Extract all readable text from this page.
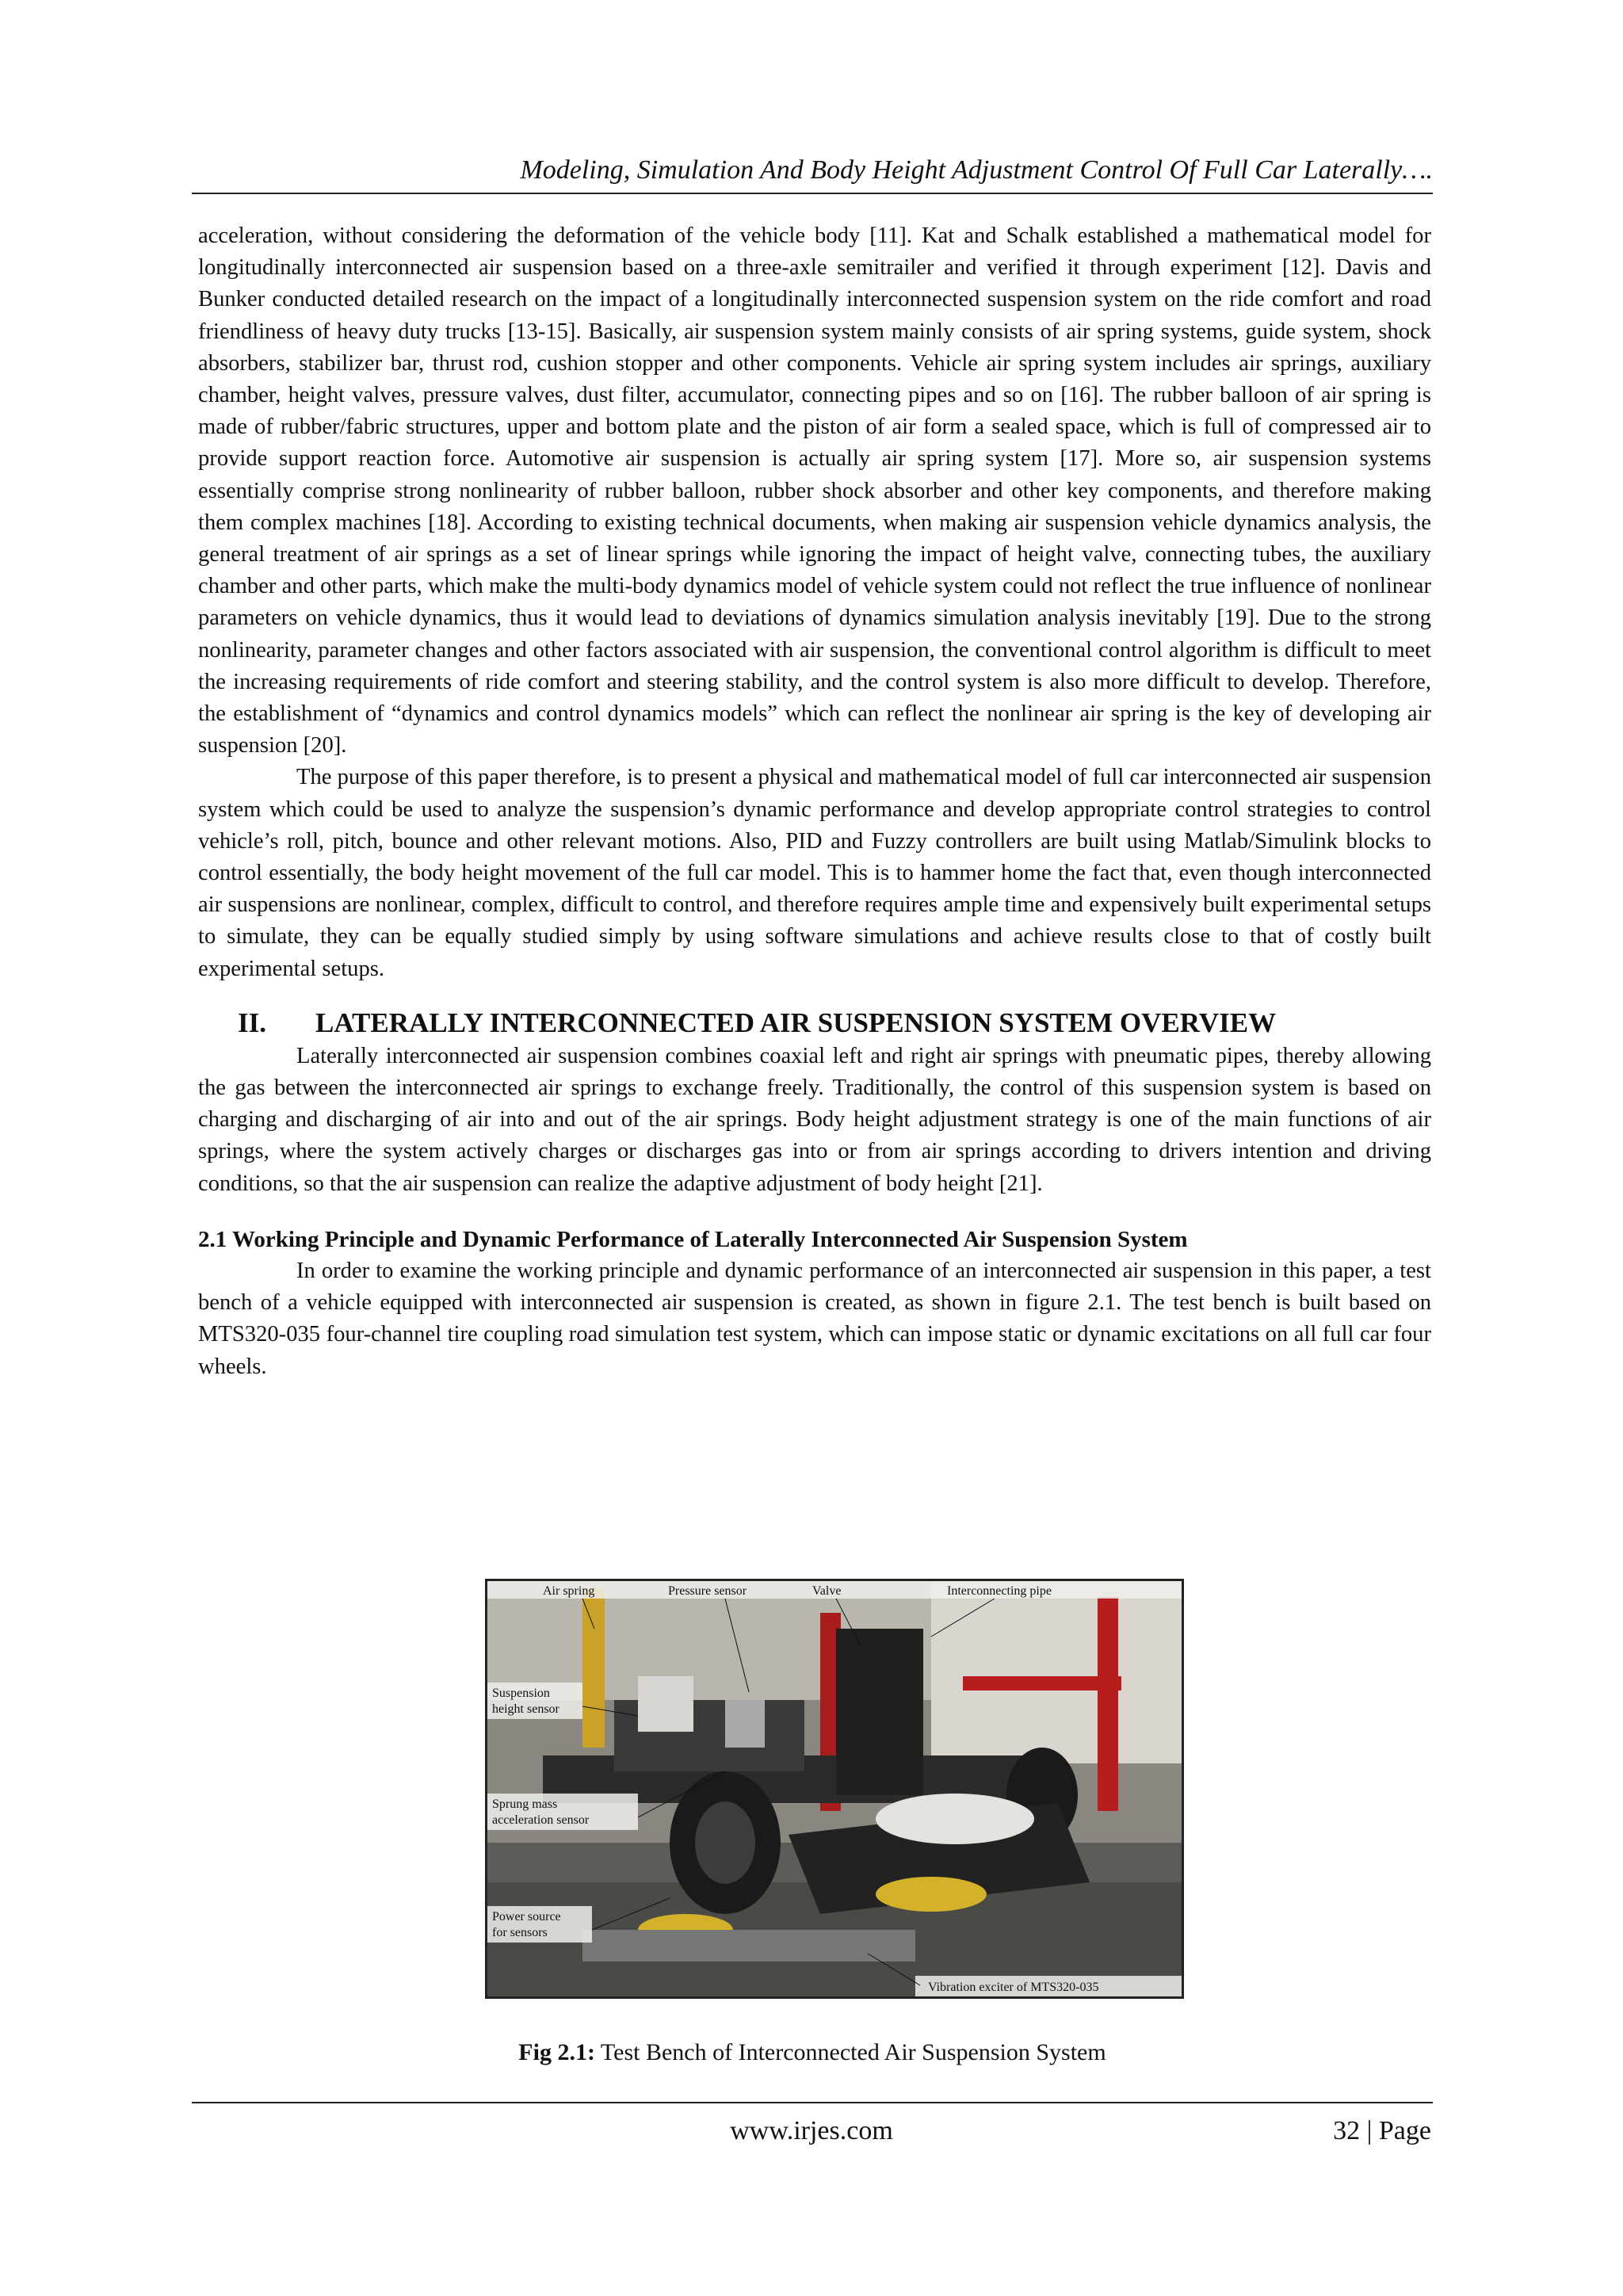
Modeling, Simulation And Body Height Adjustment Control Of Full Car Laterally….

acceleration, without considering the deformation of the vehicle body [11]. Kat and Schalk established a mathematical model for longitudinally interconnected air suspension based on a three-axle semitrailer and verified it through experiment [12]. Davis and Bunker conducted detailed research on the impact of a longitudinally interconnected suspension system on the ride comfort and road friendliness of heavy duty trucks [13-15]. Basically, air suspension system mainly consists of air spring systems, guide system, shock absorbers, stabilizer bar, thrust rod, cushion stopper and other components. Vehicle air spring system includes air springs, auxiliary chamber, height valves, pressure valves, dust filter, accumulator, connecting pipes and so on [16]. The rubber balloon of air spring is made of rubber/fabric structures, upper and bottom plate and the piston of air form a sealed space, which is full of compressed air to provide support reaction force. Automotive air suspension is actually air spring system [17]. More so, air suspension systems essentially comprise strong nonlinearity of rubber balloon, rubber shock absorber and other key components, and therefore making them complex machines [18]. According to existing technical documents, when making air suspension vehicle dynamics analysis, the general treatment of air springs as a set of linear springs while ignoring the impact of height valve, connecting tubes, the auxiliary chamber and other parts, which make the multi-body dynamics model of vehicle system could not reflect the true influence of nonlinear parameters on vehicle dynamics, thus it would lead to deviations of dynamics simulation analysis inevitably [19]. Due to the strong nonlinearity, parameter changes and other factors associated with air suspension, the conventional control algorithm is difficult to meet the increasing requirements of ride comfort and steering stability, and the control system is also more difficult to develop. Therefore, the establishment of “dynamics and control dynamics models” which can reflect the nonlinear air spring is the key of developing air suspension [20].

The purpose of this paper therefore, is to present a physical and mathematical model of full car interconnected air suspension system which could be used to analyze the suspension’s dynamic performance and develop appropriate control strategies to control vehicle’s roll, pitch, bounce and other relevant motions. Also, PID and Fuzzy controllers are built using Matlab/Simulink blocks to control essentially, the body height movement of the full car model. This is to hammer home the fact that, even though interconnected air suspensions are nonlinear, complex, difficult to control, and therefore requires ample time and expensively built experimental setups to simulate, they can be equally studied simply by using software simulations and achieve results close to that of costly built experimental setups.

II.	LATERALLY INTERCONNECTED AIR SUSPENSION SYSTEM OVERVIEW

Laterally interconnected air suspension combines coaxial left and right air springs with pneumatic pipes, thereby allowing the gas between the interconnected air springs to exchange freely. Traditionally, the control of this suspension system is based on charging and discharging of air into and out of the air springs. Body height adjustment strategy is one of the main functions of air springs, where the system actively charges or discharges gas into or from air springs according to drivers intention and driving conditions, so that the air suspension can realize the adaptive adjustment of body height [21].

2.1 Working Principle and Dynamic Performance of Laterally Interconnected Air Suspension System

In order to examine the working principle and dynamic performance of an interconnected air suspension in this paper, a test bench of a vehicle equipped with interconnected air suspension is created, as shown in figure 2.1. The test bench is built based on MTS320-035 four-channel tire coupling road simulation test system, which can impose static or dynamic excitations on all full car four wheels.

Air spring	Pressure sensor	Valve	Interconnecting pipe
Suspension
height sensor
Sprung mass
acceleration sensor
Power source
for sensors
Vibration exciter of MTS320-035
Fig 2.1: Test Bench of Interconnected Air Suspension System
www.irjes.com	32 | Page
